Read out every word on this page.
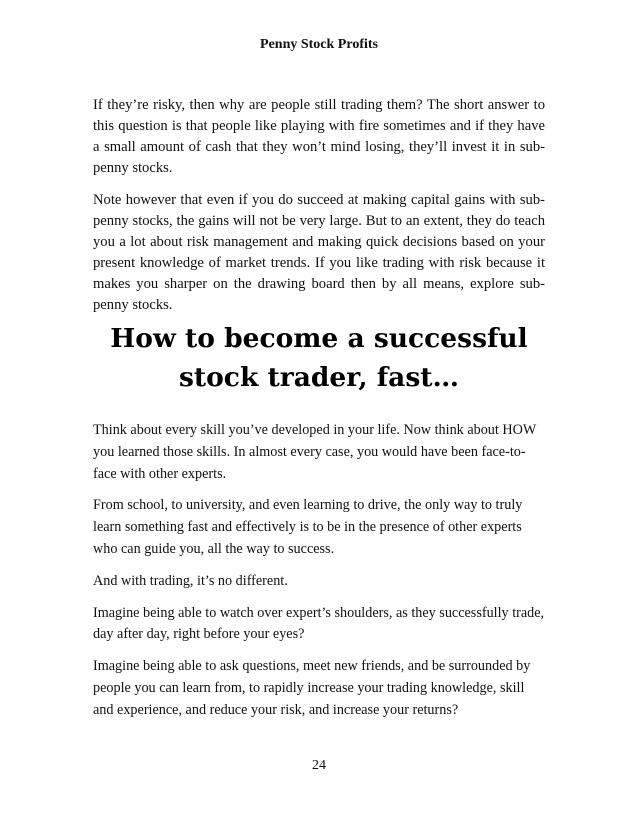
Penny Stock Profits

If they’re risky, then why are people still trading them? The short answer to this question is that people like playing with fire sometimes and if they have a small amount of cash that they won’t mind losing, they’ll invest it in sub-penny stocks.

Note however that even if you do succeed at making capital gains with sub-penny stocks, the gains will not be very large. But to an extent, they do teach you a lot about risk management and making quick decisions based on your present knowledge of market trends. If you like trading with risk because it makes you sharper on the drawing board then by all means, explore sub-penny stocks.

How to become a successful stock trader, fast…

Think about every skill you’ve developed in your life. Now think about HOW you learned those skills. In almost every case, you would have been face-to-face with other experts.

From school, to university, and even learning to drive, the only way to truly learn something fast and effectively is to be in the presence of other experts who can guide you, all the way to success.

And with trading, it’s no different.

Imagine being able to watch over expert’s shoulders, as they successfully trade, day after day, right before your eyes?

Imagine being able to ask questions, meet new friends, and be surrounded by people you can learn from, to rapidly increase your trading knowledge, skill and experience, and reduce your risk, and increase your returns?

24
